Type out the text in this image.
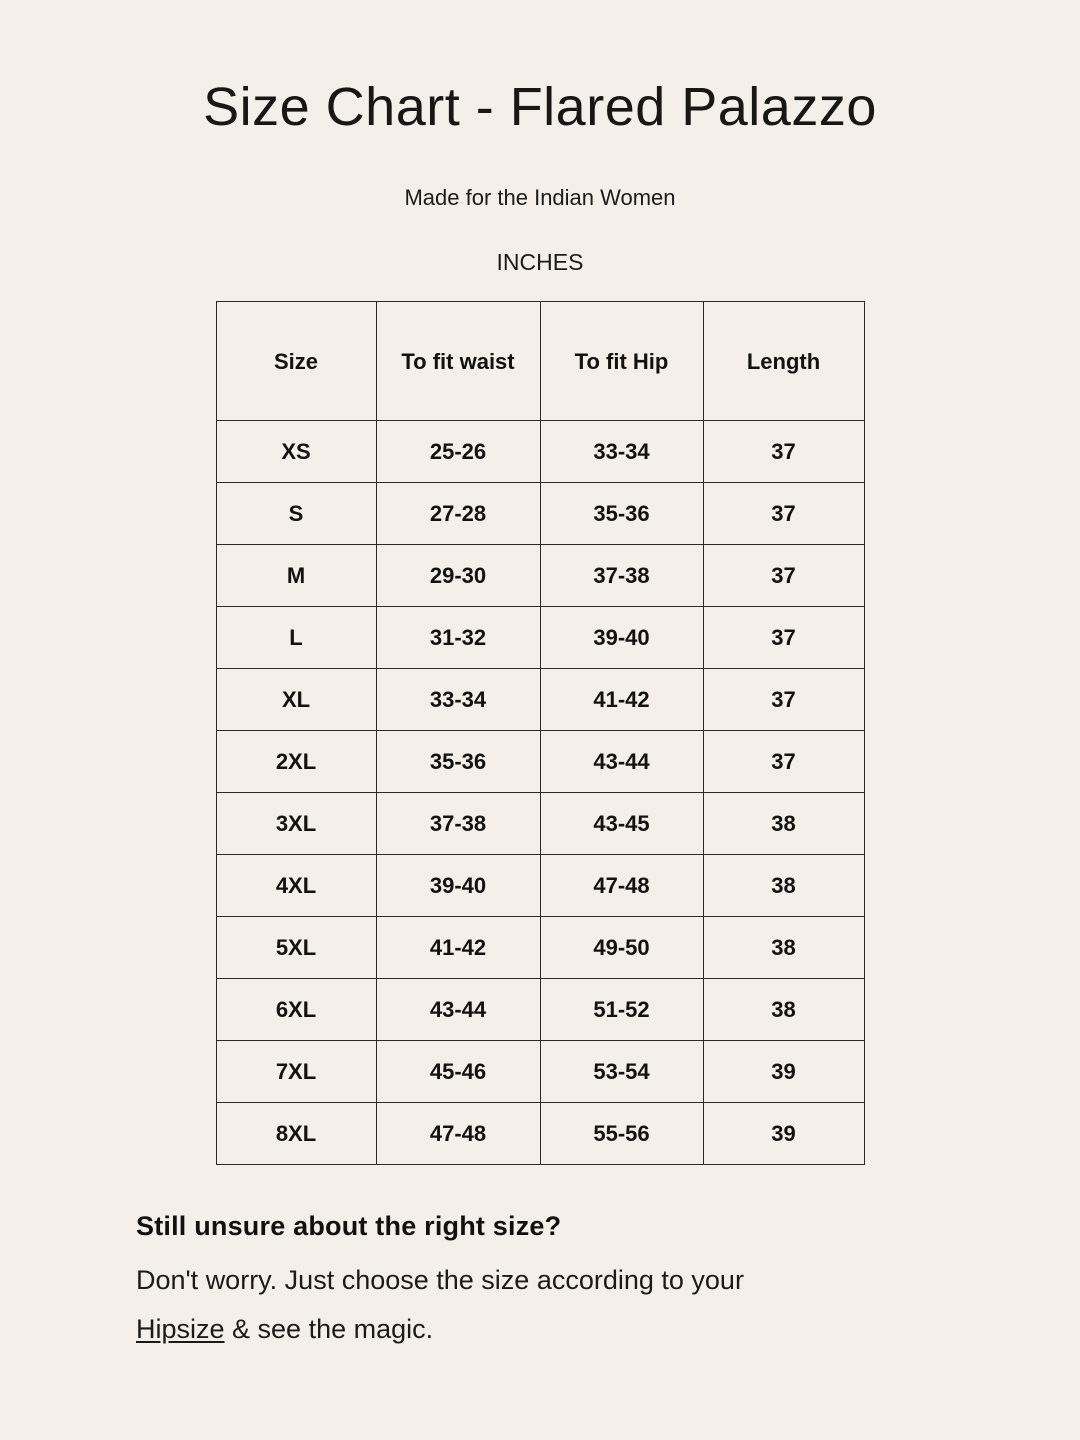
Size Chart - Flared Palazzo
Made for the Indian Women
INCHES
Size	To fit waist	To fit Hip	Length
XS	25-26	33-34	37
S	27-28	35-36	37
M	29-30	37-38	37
L	31-32	39-40	37
XL	33-34	41-42	37
2XL	35-36	43-44	37
3XL	37-38	43-45	38
4XL	39-40	47-48	38
5XL	41-42	49-50	38
6XL	43-44	51-52	38
7XL	45-46	53-54	39
8XL	47-48	55-56	39
Still unsure about the right size?
Don't worry. Just choose the size according to your
Hipsize & see the magic.
